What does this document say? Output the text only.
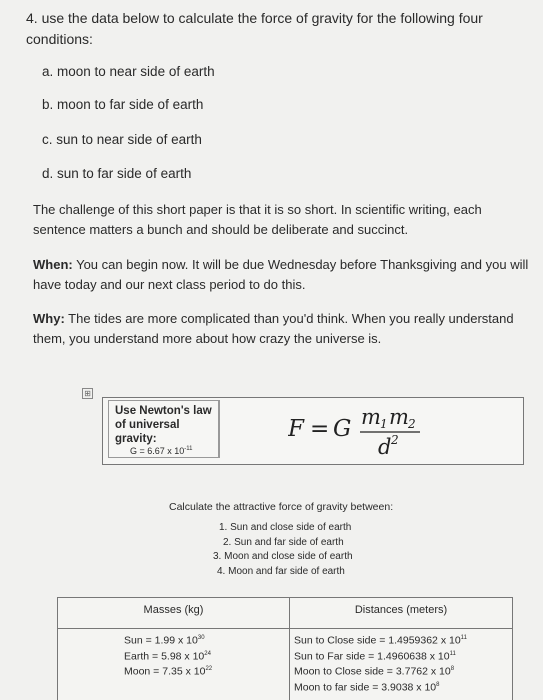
4. use the data below to calculate the force of gravity for the following four conditions:
a. moon to near side of earth
b. moon to far side of earth
c. sun to near side of earth
d. sun to far side of earth
The challenge of this short paper is that it is so short. In scientific writing, each sentence matters a bunch and should be deliberate and succinct.
When: You can begin now. It will be due Wednesday before Thanksgiving and you will have today and our next class period to do this.
Why: The tides are more complicated than you'd think. When you really understand them, you understand more about how crazy the universe is.
⊞
Use Newton's law of universal gravity:
G = 6.67 x $10^{-11}$
F = G m 1 m 2
d 2
Calculate the attractive force of gravity between:
1. Sun and close side of earth
2. Sun and far side of earth
3. Moon and close side of earth
4. Moon and far side of earth
Masses (kg)
Sun = 1.99 x $10^{30}$
Earth = 5.98 x $10^{24}$
Moon = 7.35 x $10^{22}$
Distances (meters)
Sun to Close side = 1.4959362 x $10^{11}$
Sun to Far side = 1.4960638 x $10^{11}$
Moon to Close side = 3.7762 x $10^8$
Moon to far side = 3.9038 x $10^8$
